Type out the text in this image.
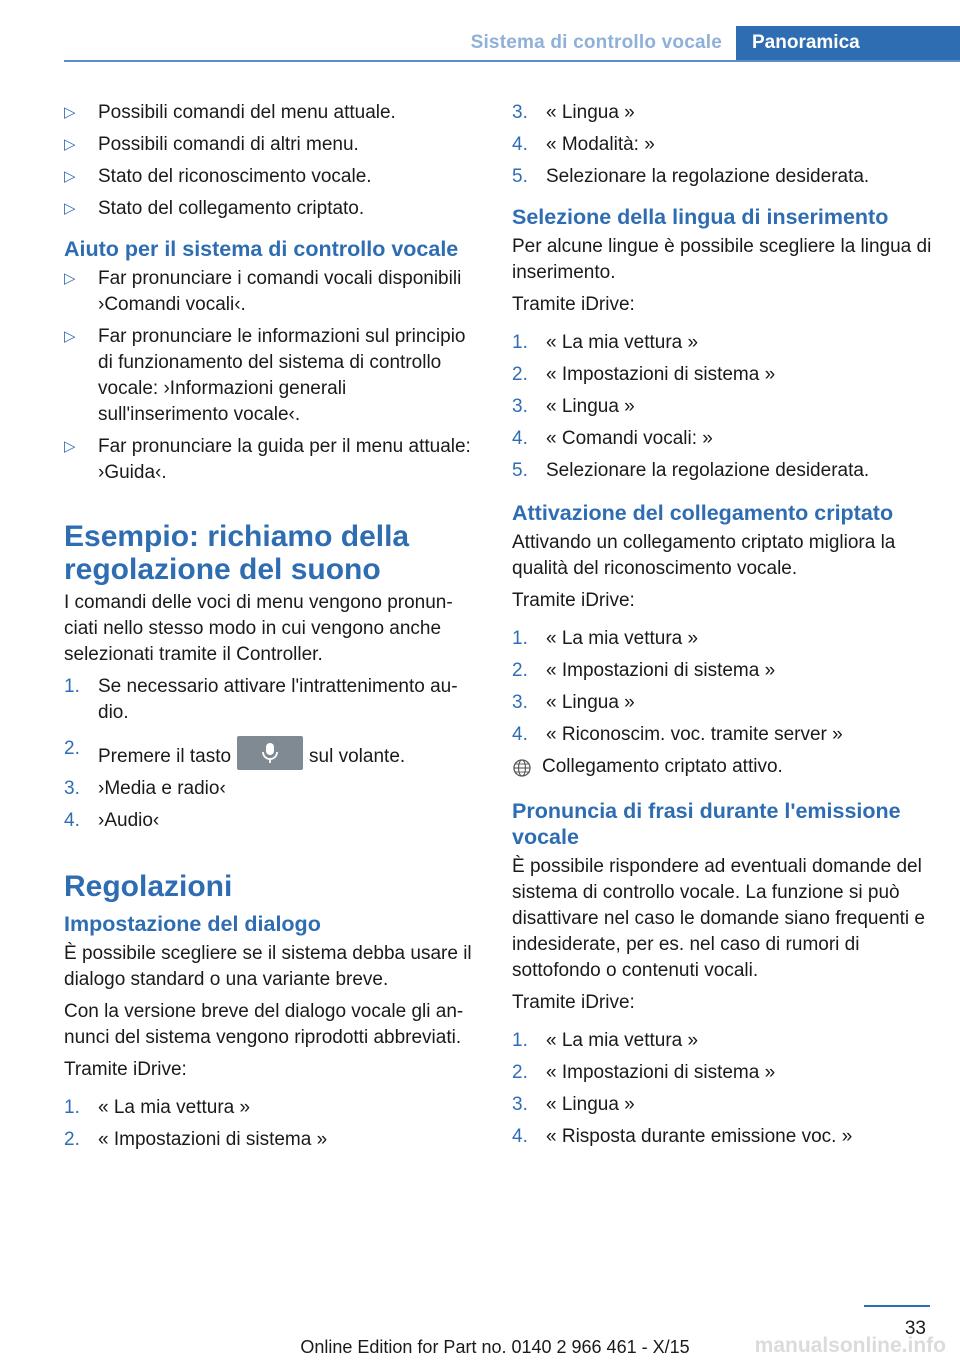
Sistema di controllo vocale	Panoramica
▷ Possibili comandi del menu attuale.
▷ Possibili comandi di altri menu.
▷ Stato del riconoscimento vocale.
▷ Stato del collegamento criptato.
Aiuto per il sistema di controllo vocale
▷ Far pronunciare i comandi vocali disponibili ›Comandi vocali‹.
▷ Far pronunciare le informazioni sul principio di funzionamento del sistema di controllo vocale: ›Informazioni generali sull'inserimento vocale‹.
▷ Far pronunciare la guida per il menu attuale: ›Guida‹.
Esempio: richiamo della regolazione del suono

I comandi delle voci di menu vengono pronunciati nello stesso modo in cui vengono anche selezionati tramite il Controller.

1. Se necessario attivare l'intrattenimento audio.
2. Premere il tasto	sul volante.
3. ›Media e radio‹
4. ›Audio‹
Regolazioni
Impostazione del dialogo

È possibile scegliere se il sistema debba usare il dialogo standard o una variante breve.

Con la versione breve del dialogo vocale gli annunci del sistema vengono riprodotti abbreviati.

Tramite iDrive:

1. « La mia vettura »
2. « Impostazioni di sistema »
3. « Lingua »
4. « Modalità: »
5. Selezionare la regolazione desiderata.
Selezione della lingua di inserimento

Per alcune lingue è possibile scegliere la lingua di inserimento.

Tramite iDrive:

1. « La mia vettura »
2. « Impostazioni di sistema »
3. « Lingua »
4. « Comandi vocali: »
5. Selezionare la regolazione desiderata.
Attivazione del collegamento criptato

Attivando un collegamento criptato migliora la qualità del riconoscimento vocale.

Tramite iDrive:

1. « La mia vettura »
2. « Impostazioni di sistema »
3. « Lingua »
4. « Riconoscim. voc. tramite server »
Collegamento criptato attivo.
Pronuncia di frasi durante l'emissione vocale

È possibile rispondere ad eventuali domande del sistema di controllo vocale. La funzione si può disattivare nel caso le domande siano frequenti e indesiderate, per es. nel caso di rumori di sottofondo o contenuti vocali.

Tramite iDrive:

1. « La mia vettura »
2. « Impostazioni di sistema »
3. « Lingua »
4. « Risposta durante emissione voc. »
33
Online Edition for Part no. 0140 2 966 461 - X/15	manualsonline.info
